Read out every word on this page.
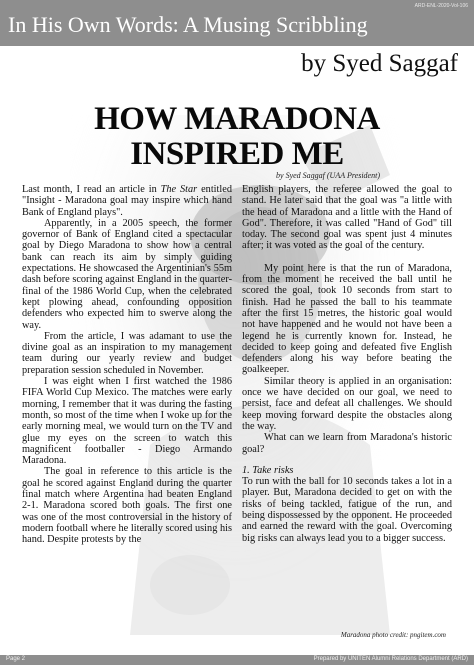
ARD-ENL-2020-Vol-106
In His Own Words: A Musing Scribbling
by Syed Saggaf
HOW MARADONA
INSPIRED ME
by Syed Saggaf (UAA President)

Last month, I read an article in The Star entitled "Insight - Maradona goal may inspire which hand Bank of England plays".

Apparently, in a 2005 speech, the former governor of Bank of England cited a spectacular goal by Diego Maradona to show how a central bank can reach its aim by simply guiding expectations. He showcased the Argentinian's 55m dash before scoring against England in the quarter-final of the 1986 World Cup, when the celebrated kept plowing ahead, confounding opposition defenders who expected him to swerve along the way.

From the article, I was adamant to use the divine goal as an inspiration to my management team during our yearly review and budget preparation session scheduled in November.

I was eight when I first watched the 1986 FIFA World Cup Mexico. The matches were early morning, I remember that it was during the fasting month, so most of the time when I woke up for the early morning meal, we would turn on the TV and glue my eyes on the screen to watch this magnificent footballer - Diego Armando Maradona.

The goal in reference to this article is the goal he scored against England during the quarter final match where Argentina had beaten England 2-1. Maradona scored both goals. The first one was one of the most controversial in the history of modern football where he literally scored using his hand. Despite protests by the

English players, the referee allowed the goal to stand. He later said that the goal was "a little with the head of Maradona and a little with the Hand of God". Therefore, it was called "Hand of God" till today. The second goal was spent just 4 minutes after; it was voted as the goal of the century.

My point here is that the run of Maradona, from the moment he received the ball until he scored the goal, took 10 seconds from start to finish. Had he passed the ball to his teammate after the first 15 metres, the historic goal would not have happened and he would not have been a legend he is currently known for. Instead, he decided to keep going and defeated five English defenders along his way before beating the goalkeeper.

Similar theory is applied in an organisation: once we have decided on our goal, we need to persist, face and defeat all challenges. We should keep moving forward despite the obstacles along the way.

What can we learn from Maradona's historic goal?

1. Take risks

To run with the ball for 10 seconds takes a lot in a player. But, Maradona decided to get on with the risks of being tackled, fatigue of the run, and being dispossessed by the opponent. He proceeded and earned the reward with the goal. Overcoming big risks can always lead you to a bigger success.

Maradona photo credit: pngitem.com
Page 2	Prepared by UNITEN Alumni Relations Department (ARD)
